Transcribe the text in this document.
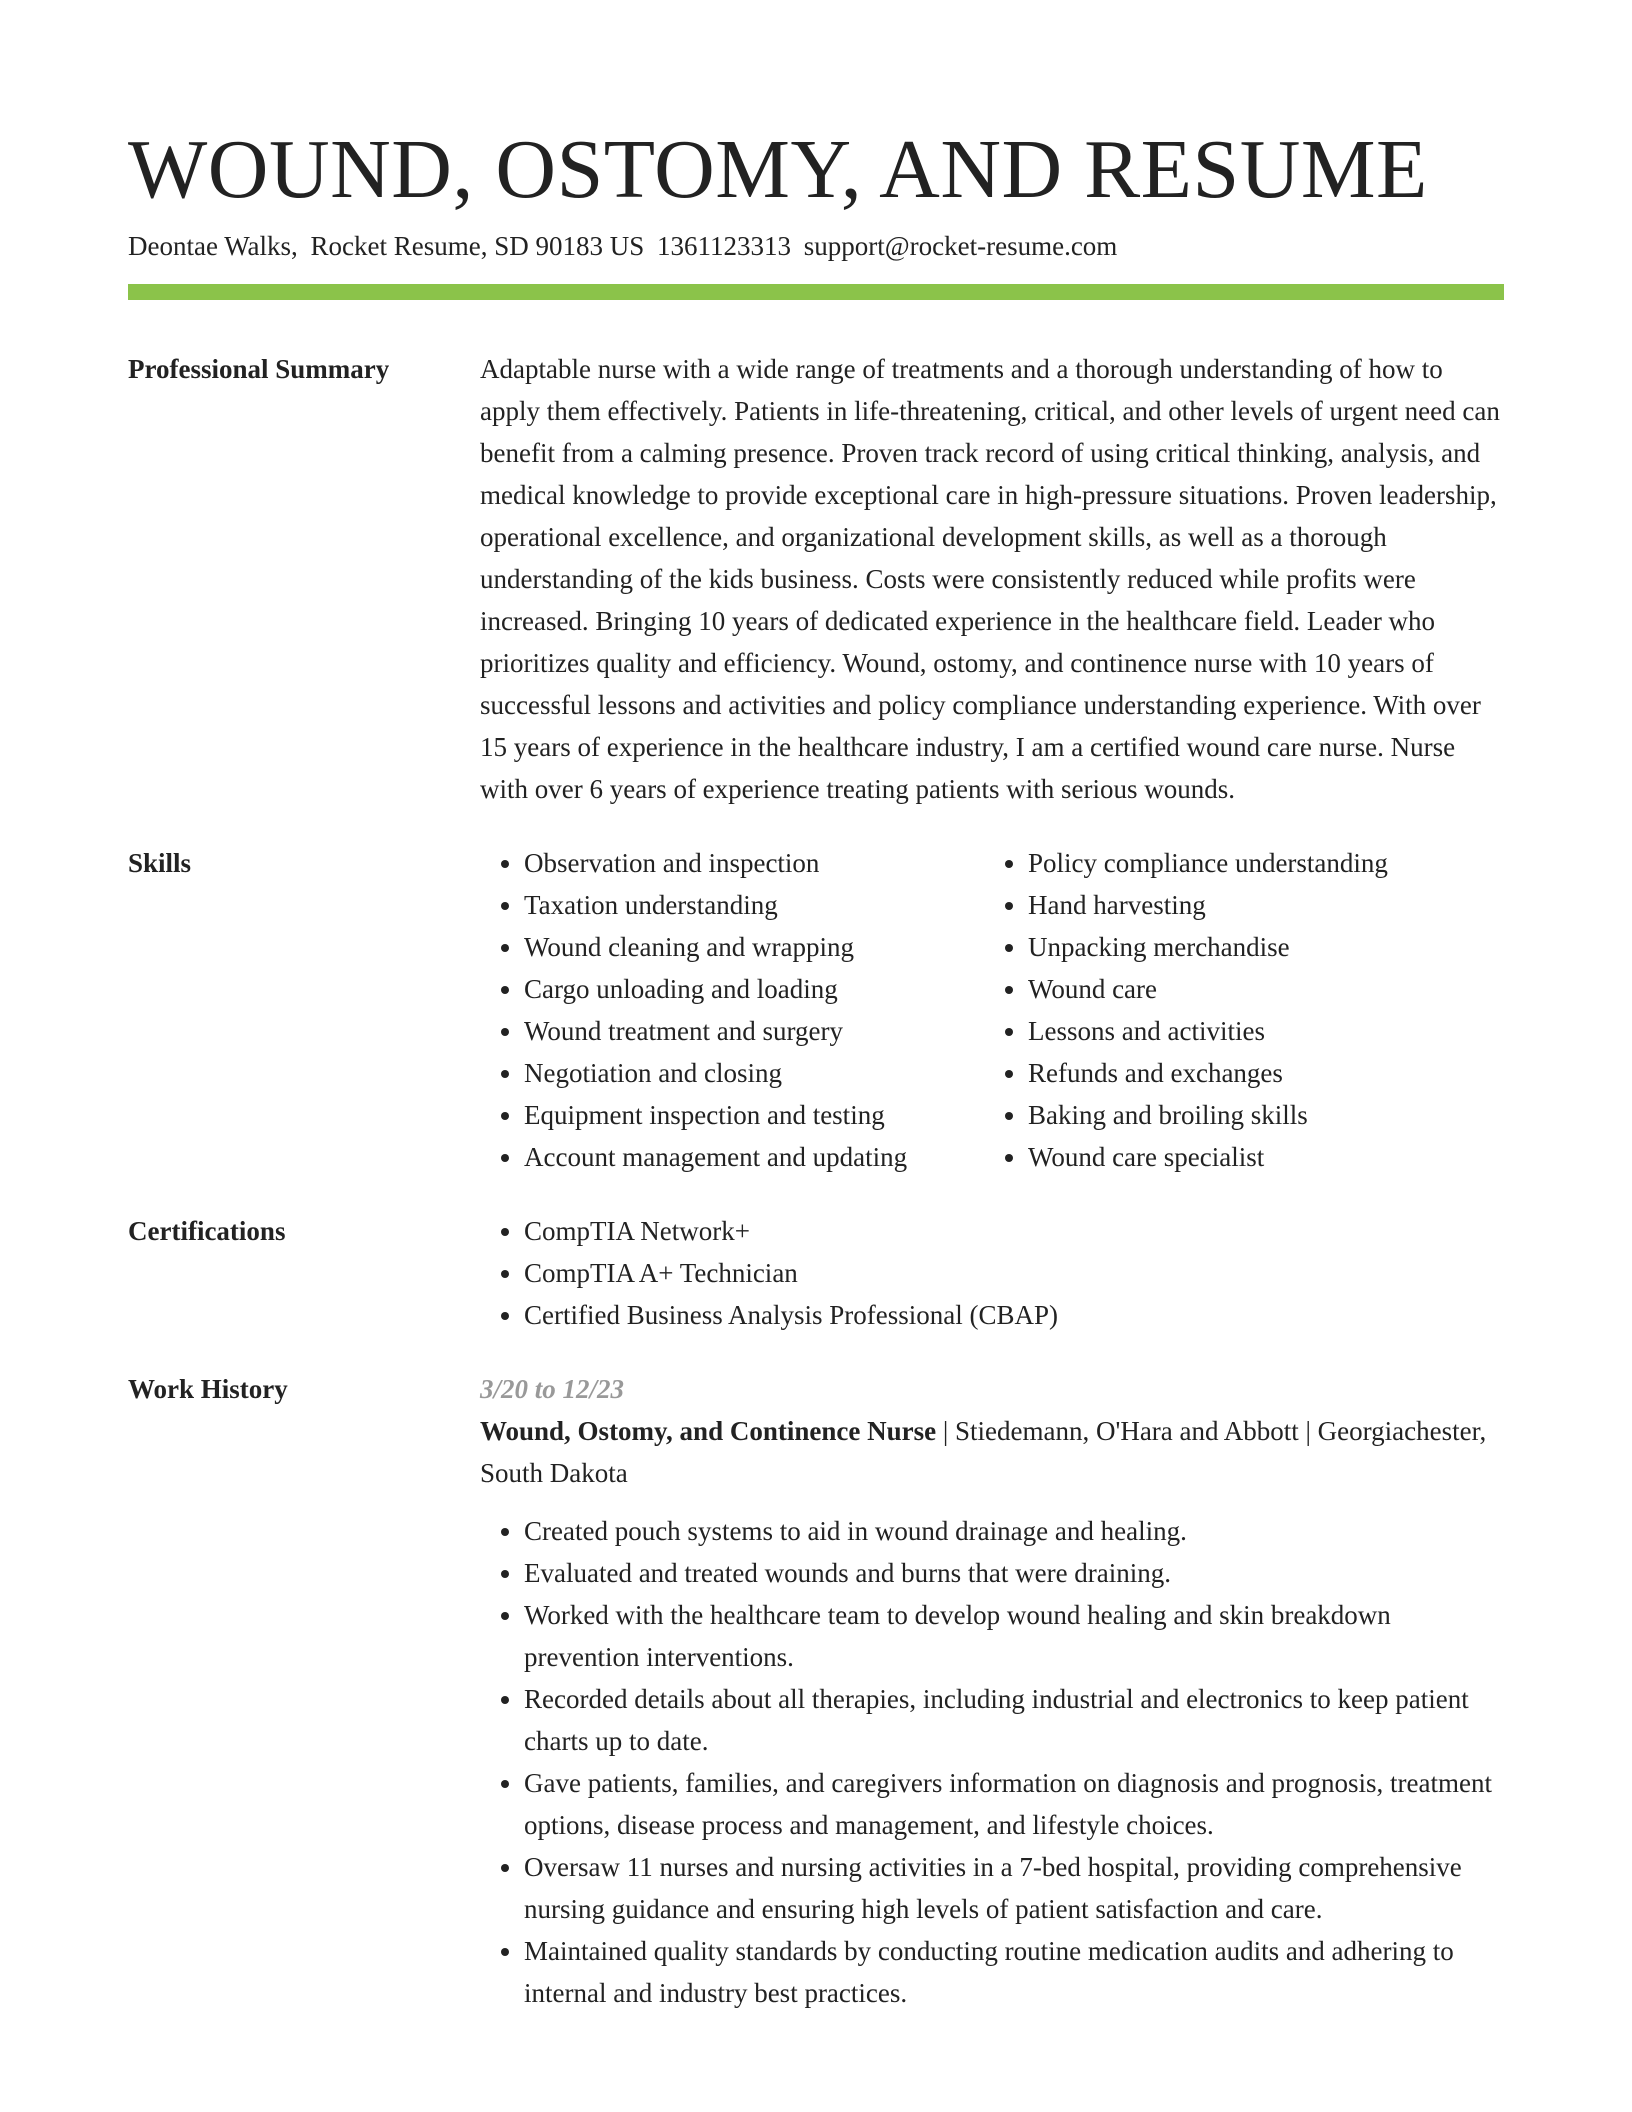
WOUND, OSTOMY, AND RESUME
Deontae Walks, Rocket Resume, SD 90183 US 1361123313 support@rocket-resume.com
Professional Summary	Adaptable nurse with a wide range of treatments and a thorough understanding of how to apply them effectively. Patients in life-threatening, critical, and other levels of urgent need can benefit from a calming presence. Proven track record of using critical thinking, analysis, and medical knowledge to provide exceptional care in high-pressure situations. Proven leadership, operational excellence, and organizational development skills, as well as a thorough understanding of the kids business. Costs were consistently reduced while profits were increased. Bringing 10 years of dedicated experience in the healthcare field. Leader who prioritizes quality and efficiency. Wound, ostomy, and continence nurse with 10 years of successful lessons and activities and policy compliance understanding experience. With over 15 years of experience in the healthcare industry, I am a certified wound care nurse. Nurse with over 6 years of experience treating patients with serious wounds.

Skills	• Observation and inspection
• Taxation understanding
• Wound cleaning and wrapping
• Cargo unloading and loading
• Wound treatment and surgery
• Negotiation and closing
• Equipment inspection and testing
• Account management and updating
• Policy compliance understanding
• Hand harvesting
• Unpacking merchandise
• Wound care
• Lessons and activities
• Refunds and exchanges
• Baking and broiling skills
• Wound care specialist
Certifications	• CompTIA Network+
• CompTIA A+ Technician
• Certified Business Analysis Professional (CBAP)
Work History	3/20 to 12/23
Wound, Ostomy, and Continence Nurse | Stiedemann, O'Hara and Abbott | Georgiachester, South Dakota
• Created pouch systems to aid in wound drainage and healing.
• Evaluated and treated wounds and burns that were draining.
• Worked with the healthcare team to develop wound healing and skin breakdown prevention interventions.
• Recorded details about all therapies, including industrial and electronics to keep patient charts up to date.
• Gave patients, families, and caregivers information on diagnosis and prognosis, treatment options, disease process and management, and lifestyle choices.
• Oversaw 11 nurses and nursing activities in a 7-bed hospital, providing comprehensive nursing guidance and ensuring high levels of patient satisfaction and care.
• Maintained quality standards by conducting routine medication audits and adhering to internal and industry best practices.
